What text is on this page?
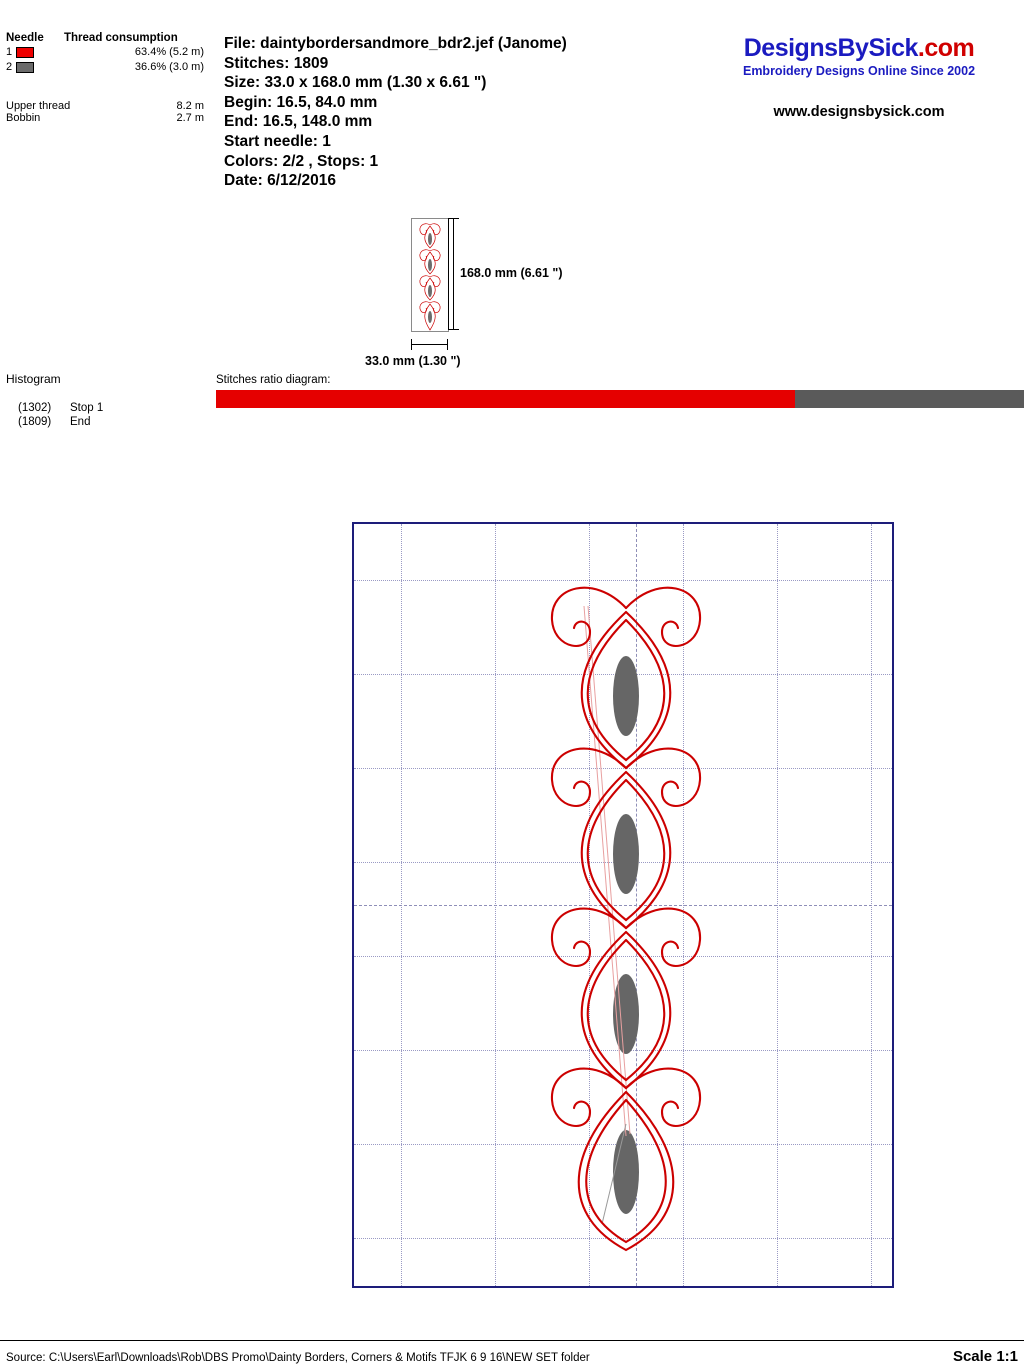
Needle	Thread consumption
1	63.4% (5.2 m)
2	36.6% (3.0 m)
Upper thread	8.2 m
Bobbin	2.7 m
File: daintybordersandmore_bdr2.jef (Janome)
Stitches: 1809
Size: 33.0 x 168.0 mm (1.30 x 6.61 ")
Begin: 16.5, 84.0 mm
End: 16.5, 148.0 mm
Start needle: 1
Colors: 2/2 , Stops: 1
Date: 6/12/2016
DesignsBySick.com
Embroidery Designs Online Since 2002
www.designsbysick.com
168.0 mm (6.61 ")
33.0 mm (1.30 ")
Histogram
(1302)	Stop 1
(1809)	End
Stitches ratio diagram:
Source: C:\Users\Earl\Downloads\Rob\DBS Promo\Dainty Borders, Corners & Motifs TFJK 6 9 16\NEW SET folder	Scale 1:1
